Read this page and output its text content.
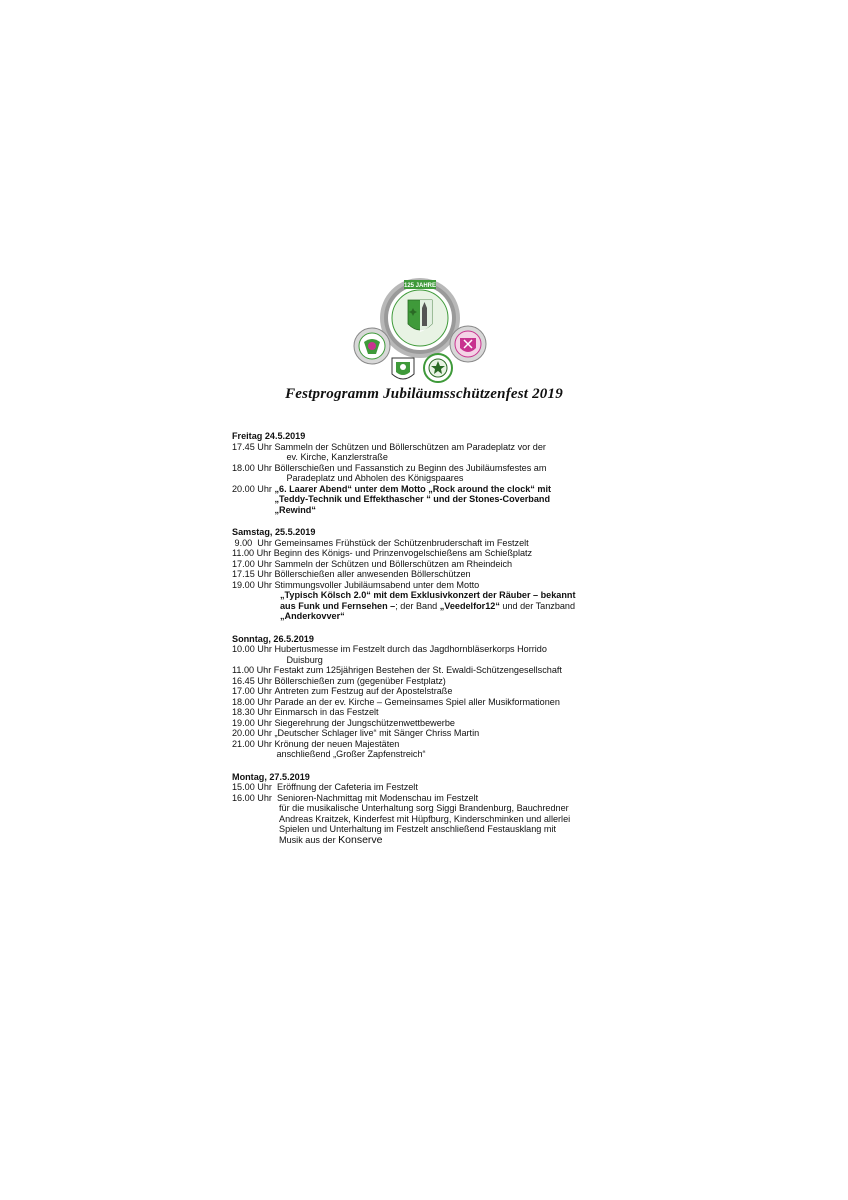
125 JAHRE
Festprogramm Jubiläumsschützenfest 2019
Freitag 24.5.2019
17.45 Uhr Sammeln der Schützen und Böllerschützen am Paradeplatz vor der
ev. Kirche, Kanzlerstraße
18.00 Uhr Böllerschießen und Fassanstich zu Beginn des Jubiläumsfestes am
Paradeplatz und Abholen des Königspaares
20.00 Uhr „6. Laarer Abend“ unter dem Motto „Rock around the clock“ mit
„Teddy-Technik und Effekthascher “ und der Stones-Coverband
„Rewind“
Samstag, 25.5.2019
9.00  Uhr Gemeinsames Frühstück der Schützenbruderschaft im Festzelt
11.00 Uhr Beginn des Königs- und Prinzenvogelschießens am Schießplatz
17.00 Uhr Sammeln der Schützen und Böllerschützen am Rheindeich
17.15 Uhr Böllerschießen aller anwesenden Böllerschützen
19.00 Uhr Stimmungsvoller Jubiläumsabend unter dem Motto
„Typisch Kölsch 2.0“ mit dem Exklusivkonzert der Räuber – bekannt
aus Funk und Fernsehen –; der Band „Veedelfor12“ und der Tanzband
„Anderkovver“
Sonntag, 26.5.2019
10.00 Uhr Hubertusmesse im Festzelt durch das Jagdhornbläserkorps Horrido
Duisburg
11.00 Uhr Festakt zum 125jährigen Bestehen der St. Ewaldi-Schützengesellschaft
16.45 Uhr Böllerschießen zum (gegenüber Festplatz)
17.00 Uhr Antreten zum Festzug auf der Apostelstraße
18.00 Uhr Parade an der ev. Kirche – Gemeinsames Spiel aller Musikformationen
18.30 Uhr Einmarsch in das Festzelt
19.00 Uhr Siegerehrung der Jungschützenwettbewerbe
20.00 Uhr „Deutscher Schlager live“ mit Sänger Chriss Martin
21.00 Uhr Krönung der neuen Majestäten
anschließend „Großer Zapfenstreich“
Montag, 27.5.2019
15.00 Uhr Eröffnung der Cafeteria im Festzelt
16.00 Uhr Senioren-Nachmittag mit Modenschau im Festzelt
für die musikalische Unterhaltung sorg Siggi Brandenburg, Bauchredner
Andreas Kraitzek, Kinderfest mit Hüpfburg, Kinderschminken und allerlei
Spielen und Unterhaltung im Festzelt anschließend Festausklang mit
Musik aus der Konserve
